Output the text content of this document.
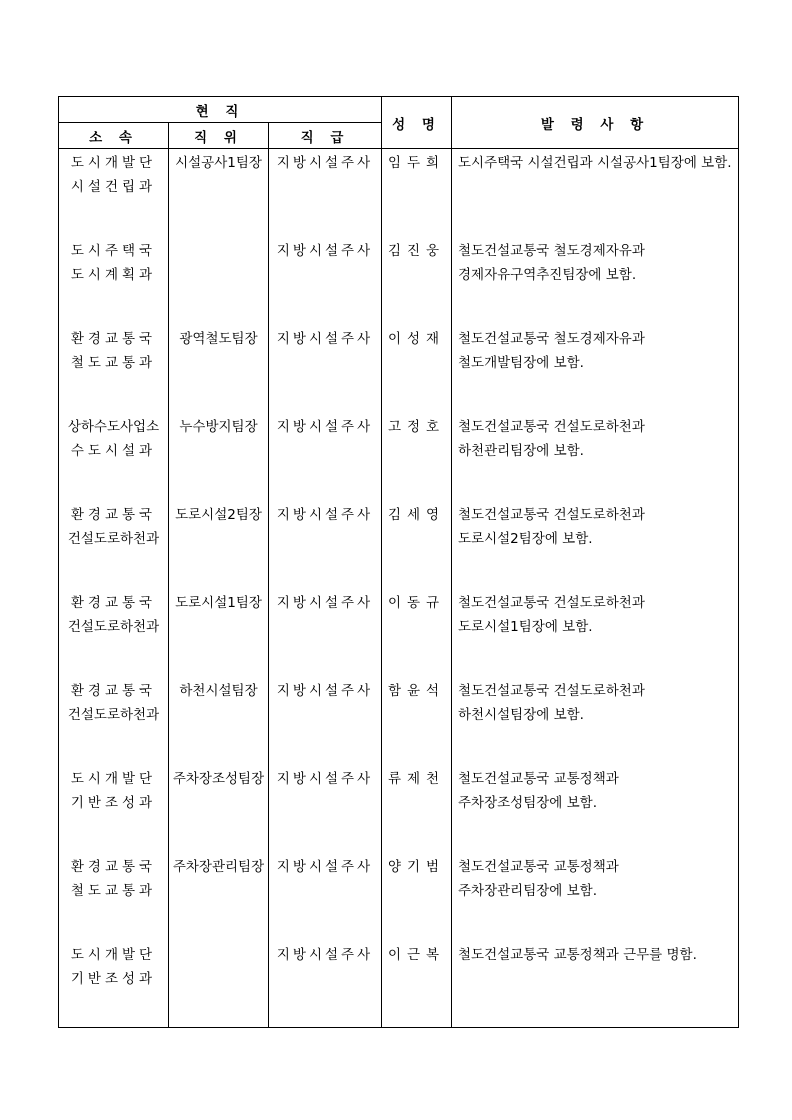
현 직			성 명	발 령 사 항
소 속	직 위	직 급		

도시개발단
시설건립과	시설공사1팀장	지방시설주사	임두희	도시주택국 시설건립과 시설공사1팀장에 보함.

도시주택국
도시계획과		지방시설주사	김진웅	철도건설교통국 철도경제자유과
경제자유구역추진팀장에 보함.

환경교통국
철도교통과	광역철도팀장	지방시설주사	이성재	철도건설교통국 철도경제자유과
철도개발팀장에 보함.

상하수도사업소
수도시설과	누수방지팀장	지방시설주사	고정호	철도건설교통국 건설도로하천과
하천관리팀장에 보함.

환경교통국
건설도로하천과	도로시설2팀장	지방시설주사	김세영	철도건설교통국 건설도로하천과
도로시설2팀장에 보함.

환경교통국
건설도로하천과	도로시설1팀장	지방시설주사	이동규	철도건설교통국 건설도로하천과
도로시설1팀장에 보함.

환경교통국
건설도로하천과	하천시설팀장	지방시설주사	함윤석	철도건설교통국 건설도로하천과
하천시설팀장에 보함.

도시개발단
기반조성과	주차장조성팀장	지방시설주사	류제천	철도건설교통국 교통정책과
주차장조성팀장에 보함.

환경교통국
철도교통과	주차장관리팀장	지방시설주사	양기범	철도건설교통국 교통정책과
주차장관리팀장에 보함.

도시개발단
기반조성과		지방시설주사	이근복	철도건설교통국 교통정책과 근무를 명함.
